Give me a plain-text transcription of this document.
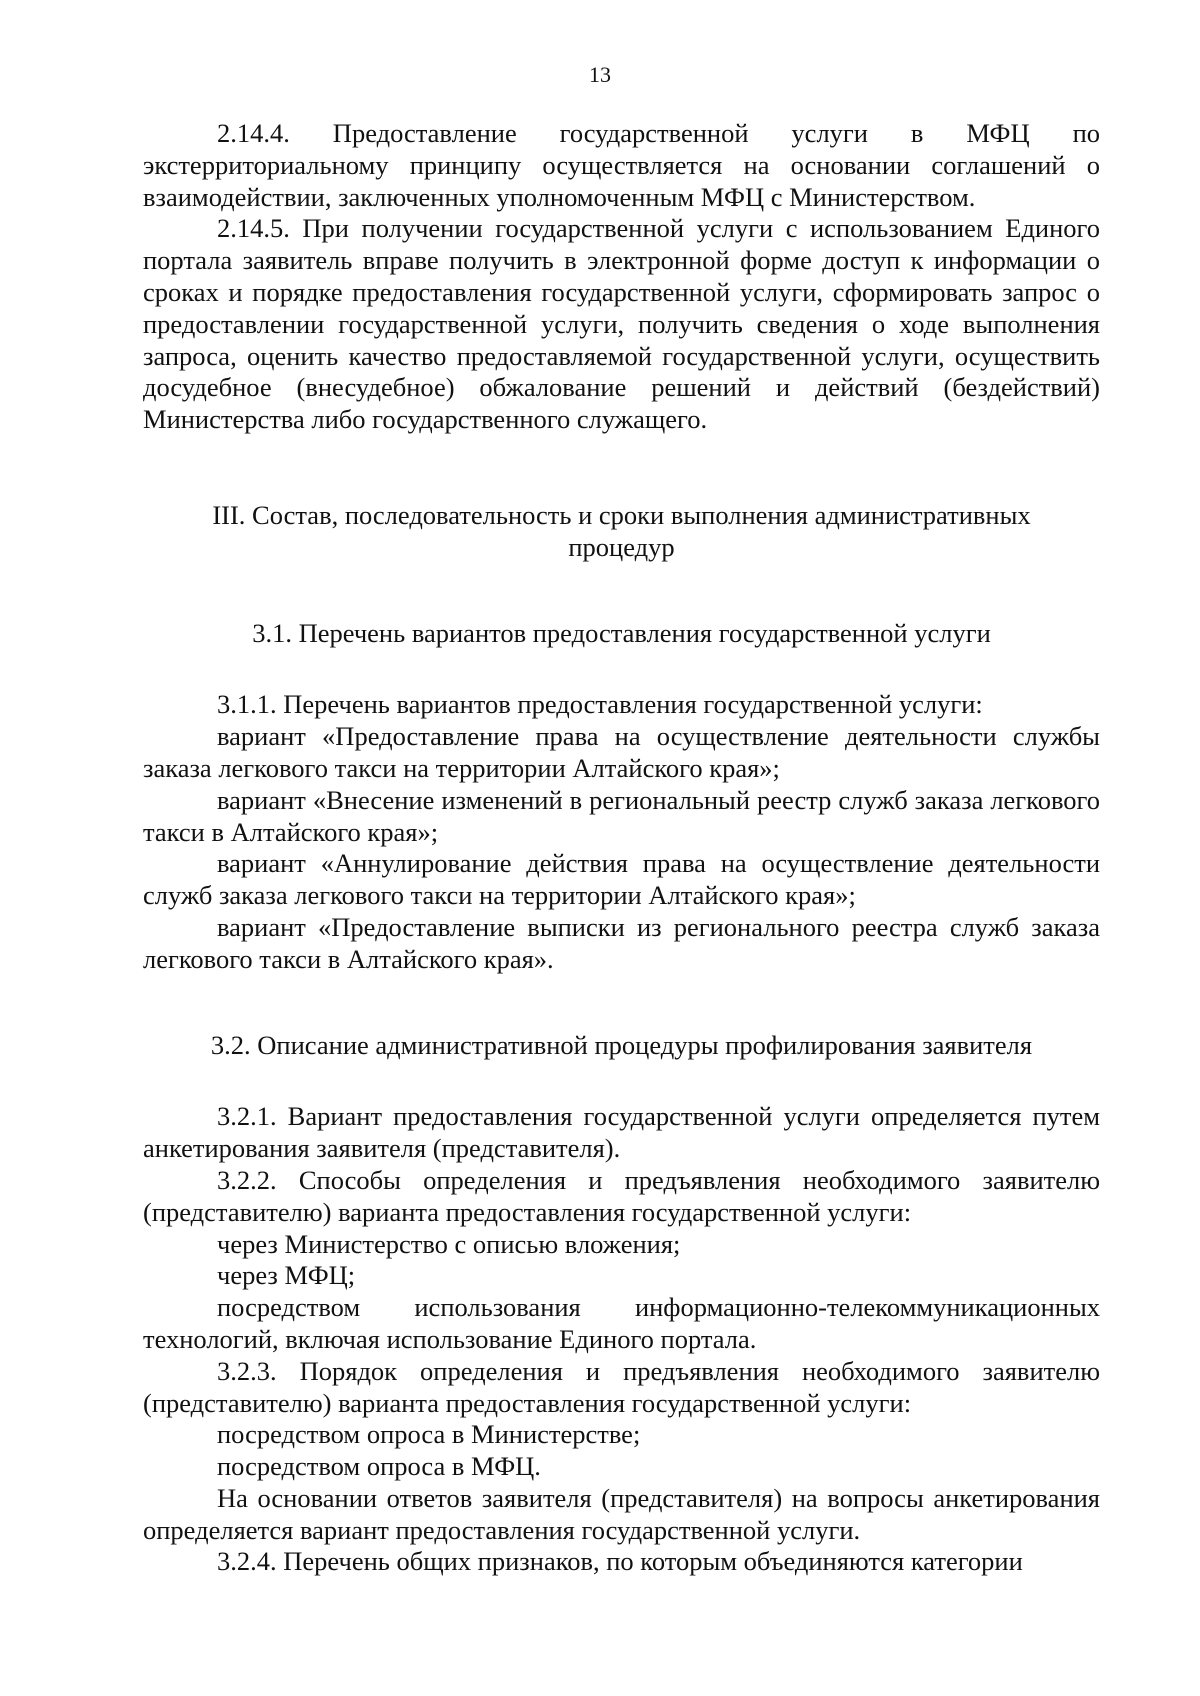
13

2.14.4. Предоставление государственной услуги в МФЦ по экстерриториальному принципу осуществляется на основании соглашений о взаимодействии, заключенных уполномоченным МФЦ с Министерством.

2.14.5. При получении государственной услуги с использованием Единого портала заявитель вправе получить в электронной форме доступ к информации о сроках и порядке предоставления государственной услуги, сформировать запрос о предоставлении государственной услуги, получить сведения о ходе выполнения запроса, оценить качество предоставляемой государственной услуги, осуществить досудебное (внесудебное) обжалование решений и действий (бездействий) Министерства либо государственного служащего.

III. Состав, последовательность и сроки выполнения административных процедур
3.1. Перечень вариантов предоставления государственной услуги

3.1.1. Перечень вариантов предоставления государственной услуги:

вариант «Предоставление права на осуществление деятельности службы заказа легкового такси на территории Алтайского края»;

вариант «Внесение изменений в региональный реестр служб заказа легкового такси в Алтайского края»;

вариант «Аннулирование действия права на осуществление деятельности служб заказа легкового такси на территории Алтайского края»;

вариант «Предоставление выписки из регионального реестра служб заказа легкового такси в Алтайского края».

3.2. Описание административной процедуры профилирования заявителя

3.2.1. Вариант предоставления государственной услуги определяется путем анкетирования заявителя (представителя).

3.2.2. Способы определения и предъявления необходимого заявителю (представителю) варианта предоставления государственной услуги:

через Министерство с описью вложения;

через МФЦ;

посредством использования информационно-телекоммуникационных технологий, включая использование Единого портала.

3.2.3. Порядок определения и предъявления необходимого заявителю (представителю) варианта предоставления государственной услуги:

посредством опроса в Министерстве;

посредством опроса в МФЦ.

На основании ответов заявителя (представителя) на вопросы анкетирования определяется вариант предоставления государственной услуги.

3.2.4. Перечень общих признаков, по которым объединяются категории
